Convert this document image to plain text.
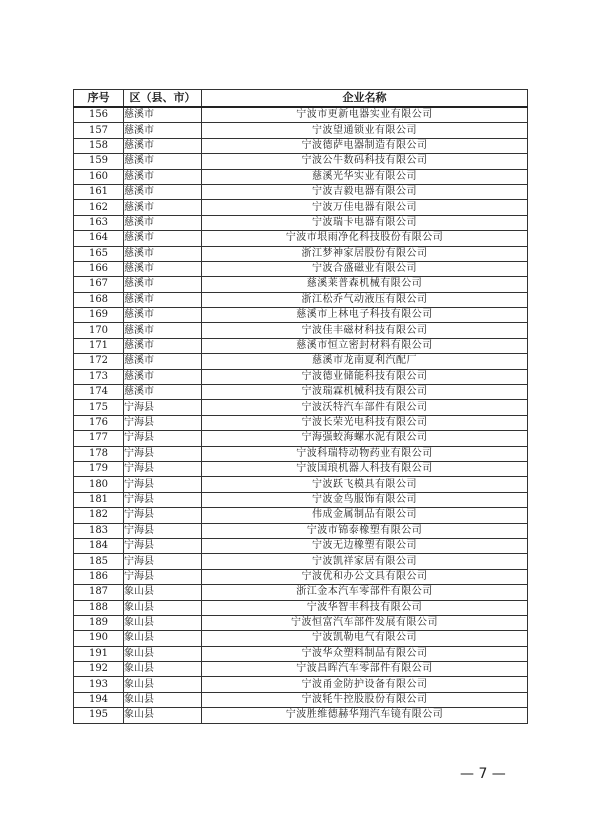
序号	区（县、市）	企业名称
156	慈溪市	宁波市更新电器实业有限公司
157	慈溪市	宁波望通锁业有限公司
158	慈溪市	宁波德萨电器制造有限公司
159	慈溪市	宁波公牛数码科技有限公司
160	慈溪市	慈溪光华实业有限公司
161	慈溪市	宁波吉毅电器有限公司
162	慈溪市	宁波万佳电器有限公司
163	慈溪市	宁波瑞卡电器有限公司
164	慈溪市	宁波市垠雨净化科技股份有限公司
165	慈溪市	浙江梦神家居股份有限公司
166	慈溪市	宁波合盛磁业有限公司
167	慈溪市	慈溪莱普森机械有限公司
168	慈溪市	浙江松乔气动液压有限公司
169	慈溪市	慈溪市上林电子科技有限公司
170	慈溪市	宁波佳丰磁材科技有限公司
171	慈溪市	慈溪市恒立密封材料有限公司
172	慈溪市	慈溪市龙南夏利汽配厂
173	慈溪市	宁波德业储能科技有限公司
174	慈溪市	宁波瑞霖机械科技有限公司
175	宁海县	宁波沃特汽车部件有限公司
176	宁海县	宁波长荣光电科技有限公司
177	宁海县	宁海强蛟海螺水泥有限公司
178	宁海县	宁波科瑞特动物药业有限公司
179	宁海县	宁波国琅机器人科技有限公司
180	宁海县	宁波跃飞模具有限公司
181	宁海县	宁波金鸟服饰有限公司
182	宁海县	伟成金属制品有限公司
183	宁海县	宁波市锦泰橡塑有限公司
184	宁海县	宁波无边橡塑有限公司
185	宁海县	宁波凯祥家居有限公司
186	宁海县	宁波优和办公文具有限公司
187	象山县	浙江金本汽车零部件有限公司
188	象山县	宁波华智丰科技有限公司
189	象山县	宁波恒富汽车部件发展有限公司
190	象山县	宁波凯勒电气有限公司
191	象山县	宁波华众塑料制品有限公司
192	象山县	宁波昌晖汽车零部件有限公司
193	象山县	宁波甬金防护设备有限公司
194	象山县	宁波牦牛控股股份有限公司
195	象山县	宁波胜维德赫华翔汽车镜有限公司
— 7 —
